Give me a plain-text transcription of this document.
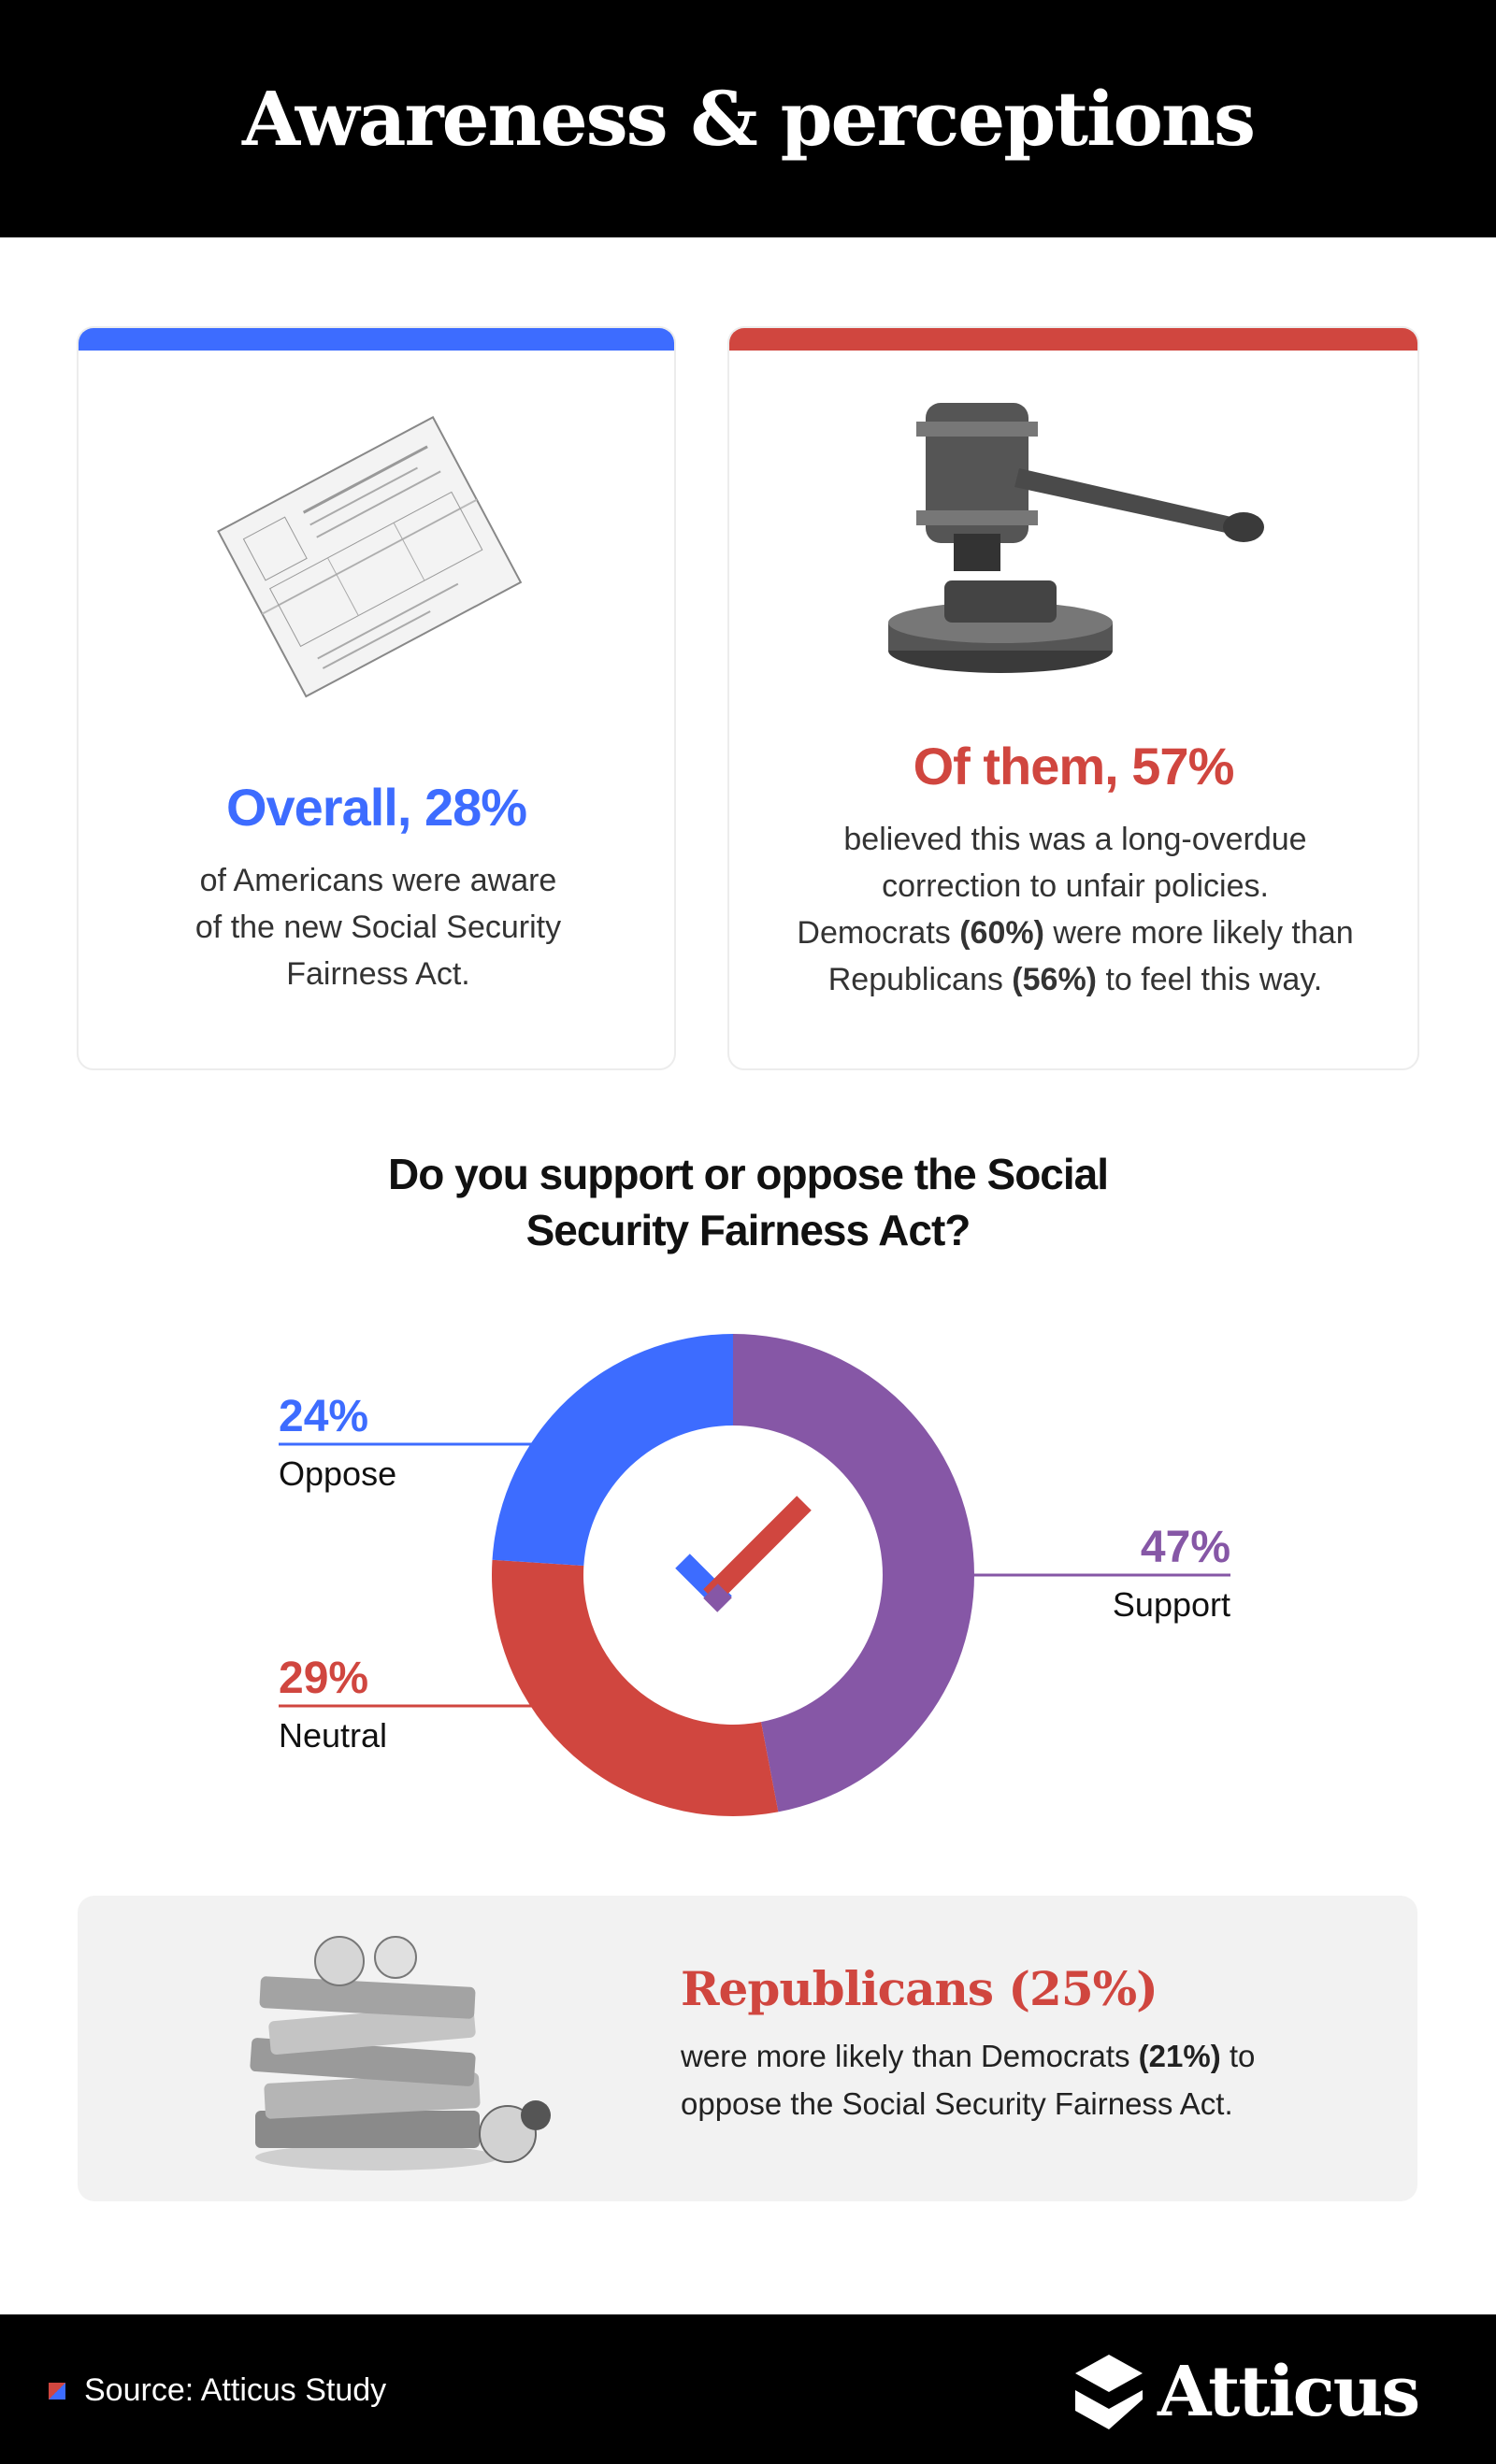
Awareness & perceptions
Overall, 28%
of Americans were aware
of the new Social Security
Fairness Act.
Of them, 57%
believed this was a long-overdue
correction to unfair policies.
Democrats (60%) were more likely than
Republicans (56%) to feel this way.
Do you support or oppose the Social
Security Fairness Act?
47%
Support
29%
Neutral
24%
Oppose
Republicans (25%)
were more likely than Democrats (21%) to
oppose the Social Security Fairness Act.
Source: Atticus Study	Atticus
